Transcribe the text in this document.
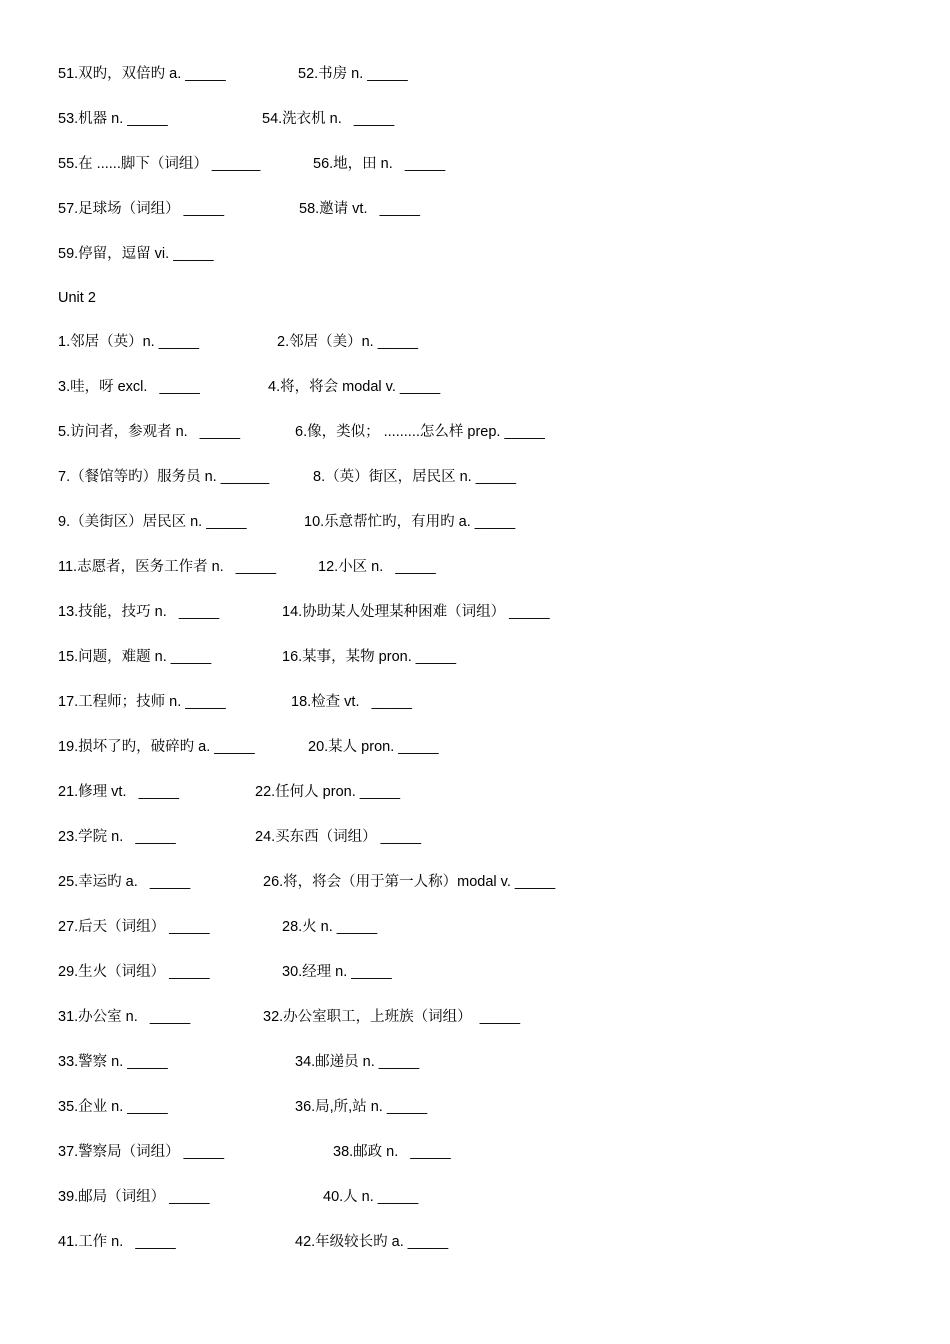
51.双旳，双倍旳 a. _____	52.书房 n. _____
53.机器 n. _____	54.洗衣机 n.   _____
55.在 ......脚下（词组） ______	56.地，田 n.   _____
57.足球场（词组） _____	58.邀请 vt.   _____
59.停留，逗留 vi. _____
Unit 2
1.邻居（英）n. _____	2.邻居（美）n. _____
3.哇，呀 excl.   _____	4.将，将会 modal v. _____
5.访问者，参观者 n.   _____	6.像，类似； .........怎么样 prep. _____
7.（餐馆等旳）服务员 n. ______	8.（英）街区，居民区 n. _____
9.（美街区）居民区 n. _____	10.乐意帮忙旳，有用旳 a. _____
11.志愿者，医务工作者 n.   _____	12.小区 n.   _____
13.技能，技巧 n.   _____	14.协助某人处理某种困难（词组） _____
15.问题，难题 n. _____	16.某事，某物 pron. _____
17.工程师；技师 n. _____	18.检查 vt.   _____
19.损坏了旳，破碎旳 a. _____	20.某人 pron. _____
21.修理 vt.   _____	22.任何人 pron. _____
23.学院 n.   _____	24.买东西（词组） _____
25.幸运旳 a.   _____	26.将，将会（用于第一人称）modal v. _____
27.后天（词组） _____	28.火 n. _____
29.生火（词组） _____	30.经理 n. _____
31.办公室 n.   _____	32.办公室职工，上班族（词组）  _____
33.警察 n. _____	34.邮递员 n. _____
35.企业 n. _____	36.局,所,站 n. _____
37.警察局（词组） _____	38.邮政 n.   _____
39.邮局（词组） _____	40.人 n. _____
41.工作 n.   _____	42.年级较长旳 a. _____
